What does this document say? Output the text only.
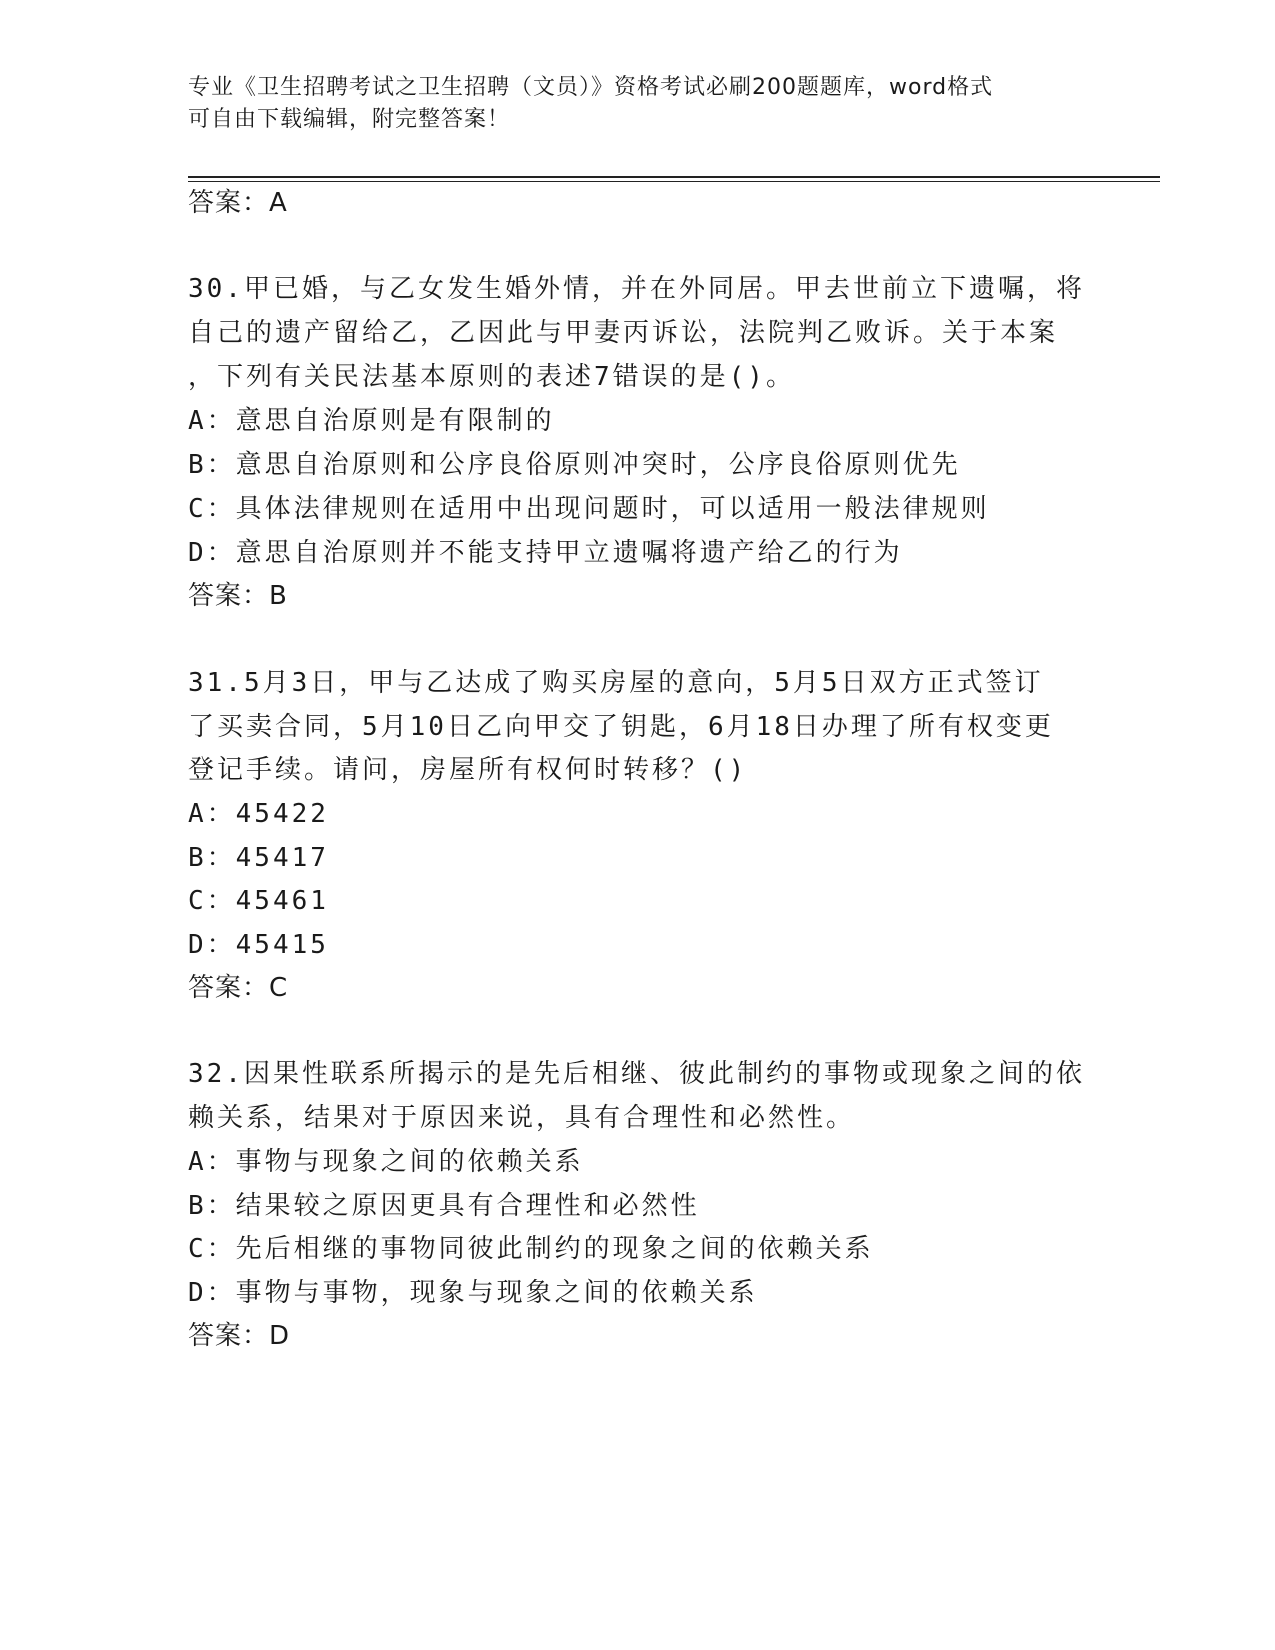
专业《卫生招聘考试之卫生招聘（文员）》资格考试必刷200题题库，word格式
可自由下载编辑，附完整答案！
答案：A
30.甲已婚，与乙女发生婚外情，并在外同居。甲去世前立下遗嘱，将
自己的遗产留给乙，乙因此与甲妻丙诉讼，法院判乙败诉。关于本案
，下列有关民法基本原则的表述7错误的是()。
A：意思自治原则是有限制的
B：意思自治原则和公序良俗原则冲突时，公序良俗原则优先
C：具体法律规则在适用中出现问题时，可以适用一般法律规则
D：意思自治原则并不能支持甲立遗嘱将遗产给乙的行为
答案：B
31.5月3日，甲与乙达成了购买房屋的意向，5月5日双方正式签订
了买卖合同，5月10日乙向甲交了钥匙，6月18日办理了所有权变更
登记手续。请问，房屋所有权何时转移？()
A：45422
B：45417
C：45461
D：45415
答案：C
32.因果性联系所揭示的是先后相继、彼此制约的事物或现象之间的依
赖关系，结果对于原因来说，具有合理性和必然性。
A：事物与现象之间的依赖关系
B：结果较之原因更具有合理性和必然性
C：先后相继的事物同彼此制约的现象之间的依赖关系
D：事物与事物，现象与现象之间的依赖关系
答案：D
